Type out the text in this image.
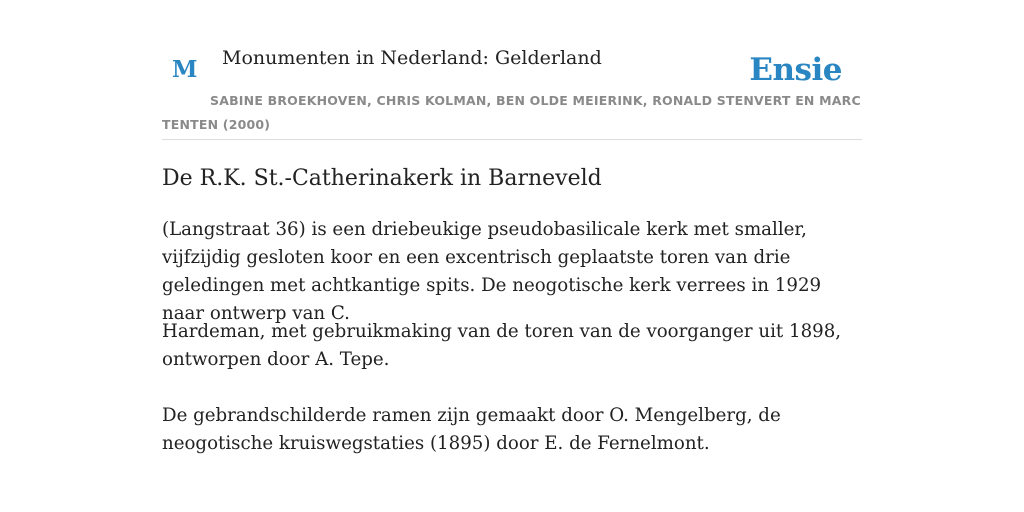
M Monumenten in Nederland: Gelderland	Ensie
SABINE BROEKHOVEN, CHRIS KOLMAN, BEN OLDE MEIERINK, RONALD STENVERT EN MARC TENTEN (2000)
De R.K. St.-Catherinakerk in Barneveld

(Langstraat 36) is een driebeukige pseudobasilicale kerk met smaller, vijfzijdig gesloten koor en een excentrisch geplaatste toren van drie geledingen met achtkantige spits. De neogotische kerk verrees in 1929 naar ontwerp van C.

Hardeman, met gebruikmaking van de toren van de voorganger uit 1898, ontworpen door A. Tepe.

De gebrandschilderde ramen zijn gemaakt door O. Mengelberg, de neogotische kruiswegstaties (1895) door E. de Fernelmont.
